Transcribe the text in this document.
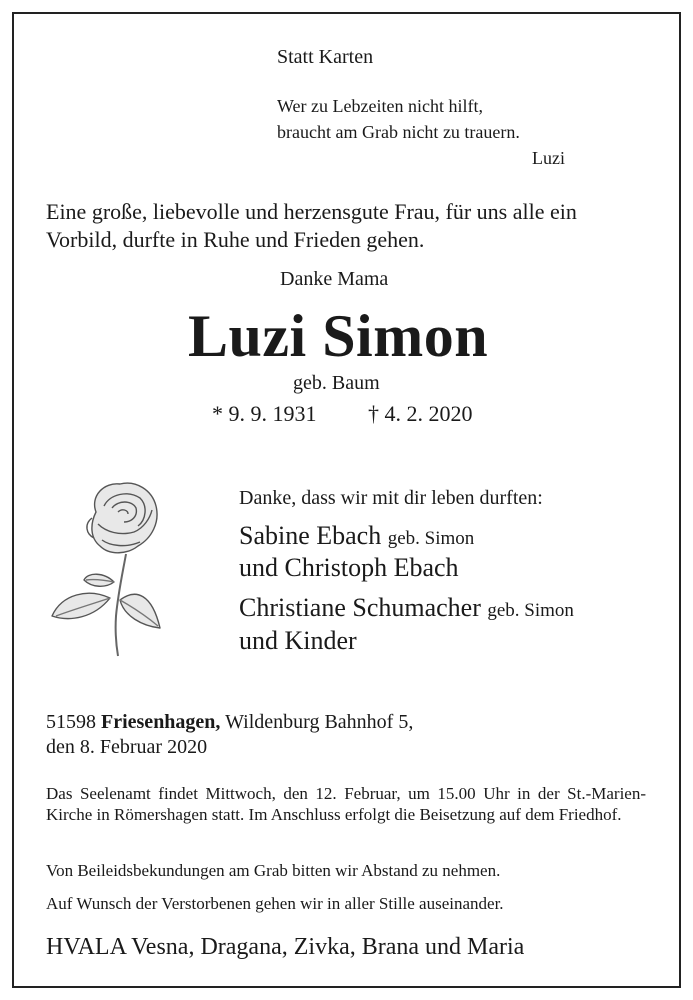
Statt Karten
Wer zu Lebzeiten nicht hilft,
braucht am Grab nicht zu trauern.
Luzi
Eine große, liebevolle und herzensgute Frau, für uns alle ein
Vorbild, durfte in Ruhe und Frieden gehen.
Danke Mama
Luzi Simon
geb. Baum
* 9. 9. 1931 † 4. 2. 2020
Danke, dass wir mit dir leben durften:
Sabine Ebach geb. Simon
und Christoph Ebach
Christiane Schumacher geb. Simon
und Kinder
51598 Friesenhagen, Wildenburg Bahnhof 5,
den 8. Februar 2020
Das Seelenamt findet Mittwoch, den 12. Februar, um 15.00 Uhr in der St.-Marien-Kirche in Römershagen statt. Im Anschluss erfolgt die Beisetzung auf dem Friedhof.
Von Beileidsbekundungen am Grab bitten wir Abstand zu nehmen.
Auf Wunsch der Verstorbenen gehen wir in aller Stille auseinander.
HVALA Vesna, Dragana, Zivka, Brana und Maria
